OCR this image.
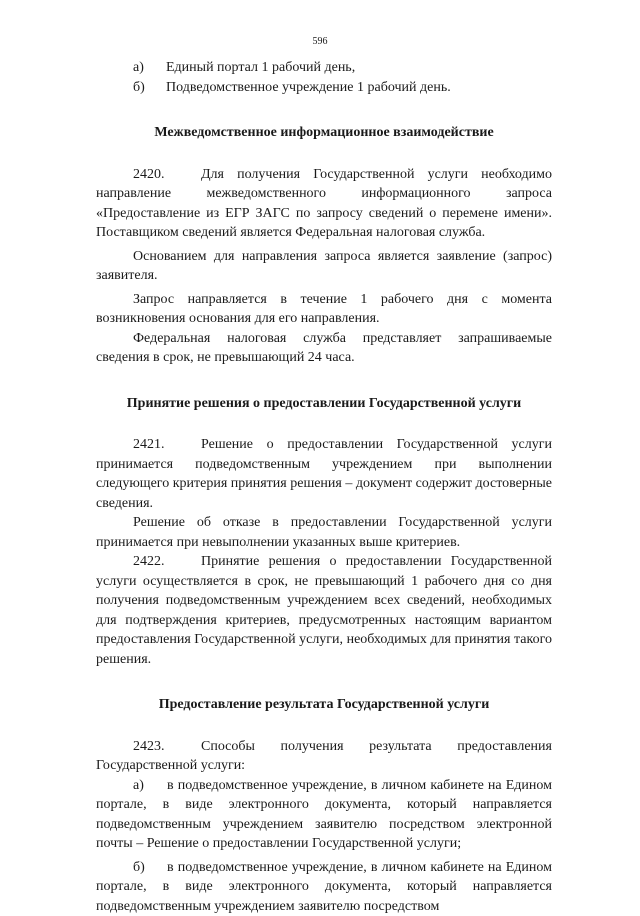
596
а) Единый портал 1 рабочий день,
б) Подведомственное учреждение 1 рабочий день.

Межведомственное информационное взаимодействие

2420.	Для получения Государственной услуги необходимо направление межведомственного информационного запроса «Предоставление из ЕГР ЗАГС по запросу сведений о перемене имени». Поставщиком сведений является Федеральная налоговая служба.

Основанием для направления запроса является заявление (запрос) заявителя.

Запрос направляется в течение 1 рабочего дня с момента возникновения основания для его направления.

Федеральная налоговая служба представляет запрашиваемые сведения в срок, не превышающий 24 часа.

Принятие решения о предоставлении Государственной услуги

2421.	Решение о предоставлении Государственной услуги принимается подведомственным учреждением при выполнении следующего критерия принятия решения – документ содержит достоверные сведения.

Решение об отказе в предоставлении Государственной услуги принимается при невыполнении указанных выше критериев.

2422.	Принятие решения о предоставлении Государственной услуги осуществляется в срок, не превышающий 1 рабочего дня со дня получения подведомственным учреждением всех сведений, необходимых для подтверждения критериев, предусмотренных настоящим вариантом предоставления Государственной услуги, необходимых для принятия такого решения.

Предоставление результата Государственной услуги

2423.	Способы получения результата предоставления Государственной услуги:

а) в подведомственное учреждение, в личном кабинете на Едином портале, в виде электронного документа, который направляется подведомственным учреждением заявителю посредством электронной почты – Решение о предоставлении Государственной услуги;

б) в подведомственное учреждение, в личном кабинете на Едином портале, в виде электронного документа, который направляется подведомственным учреждением заявителю посредством
